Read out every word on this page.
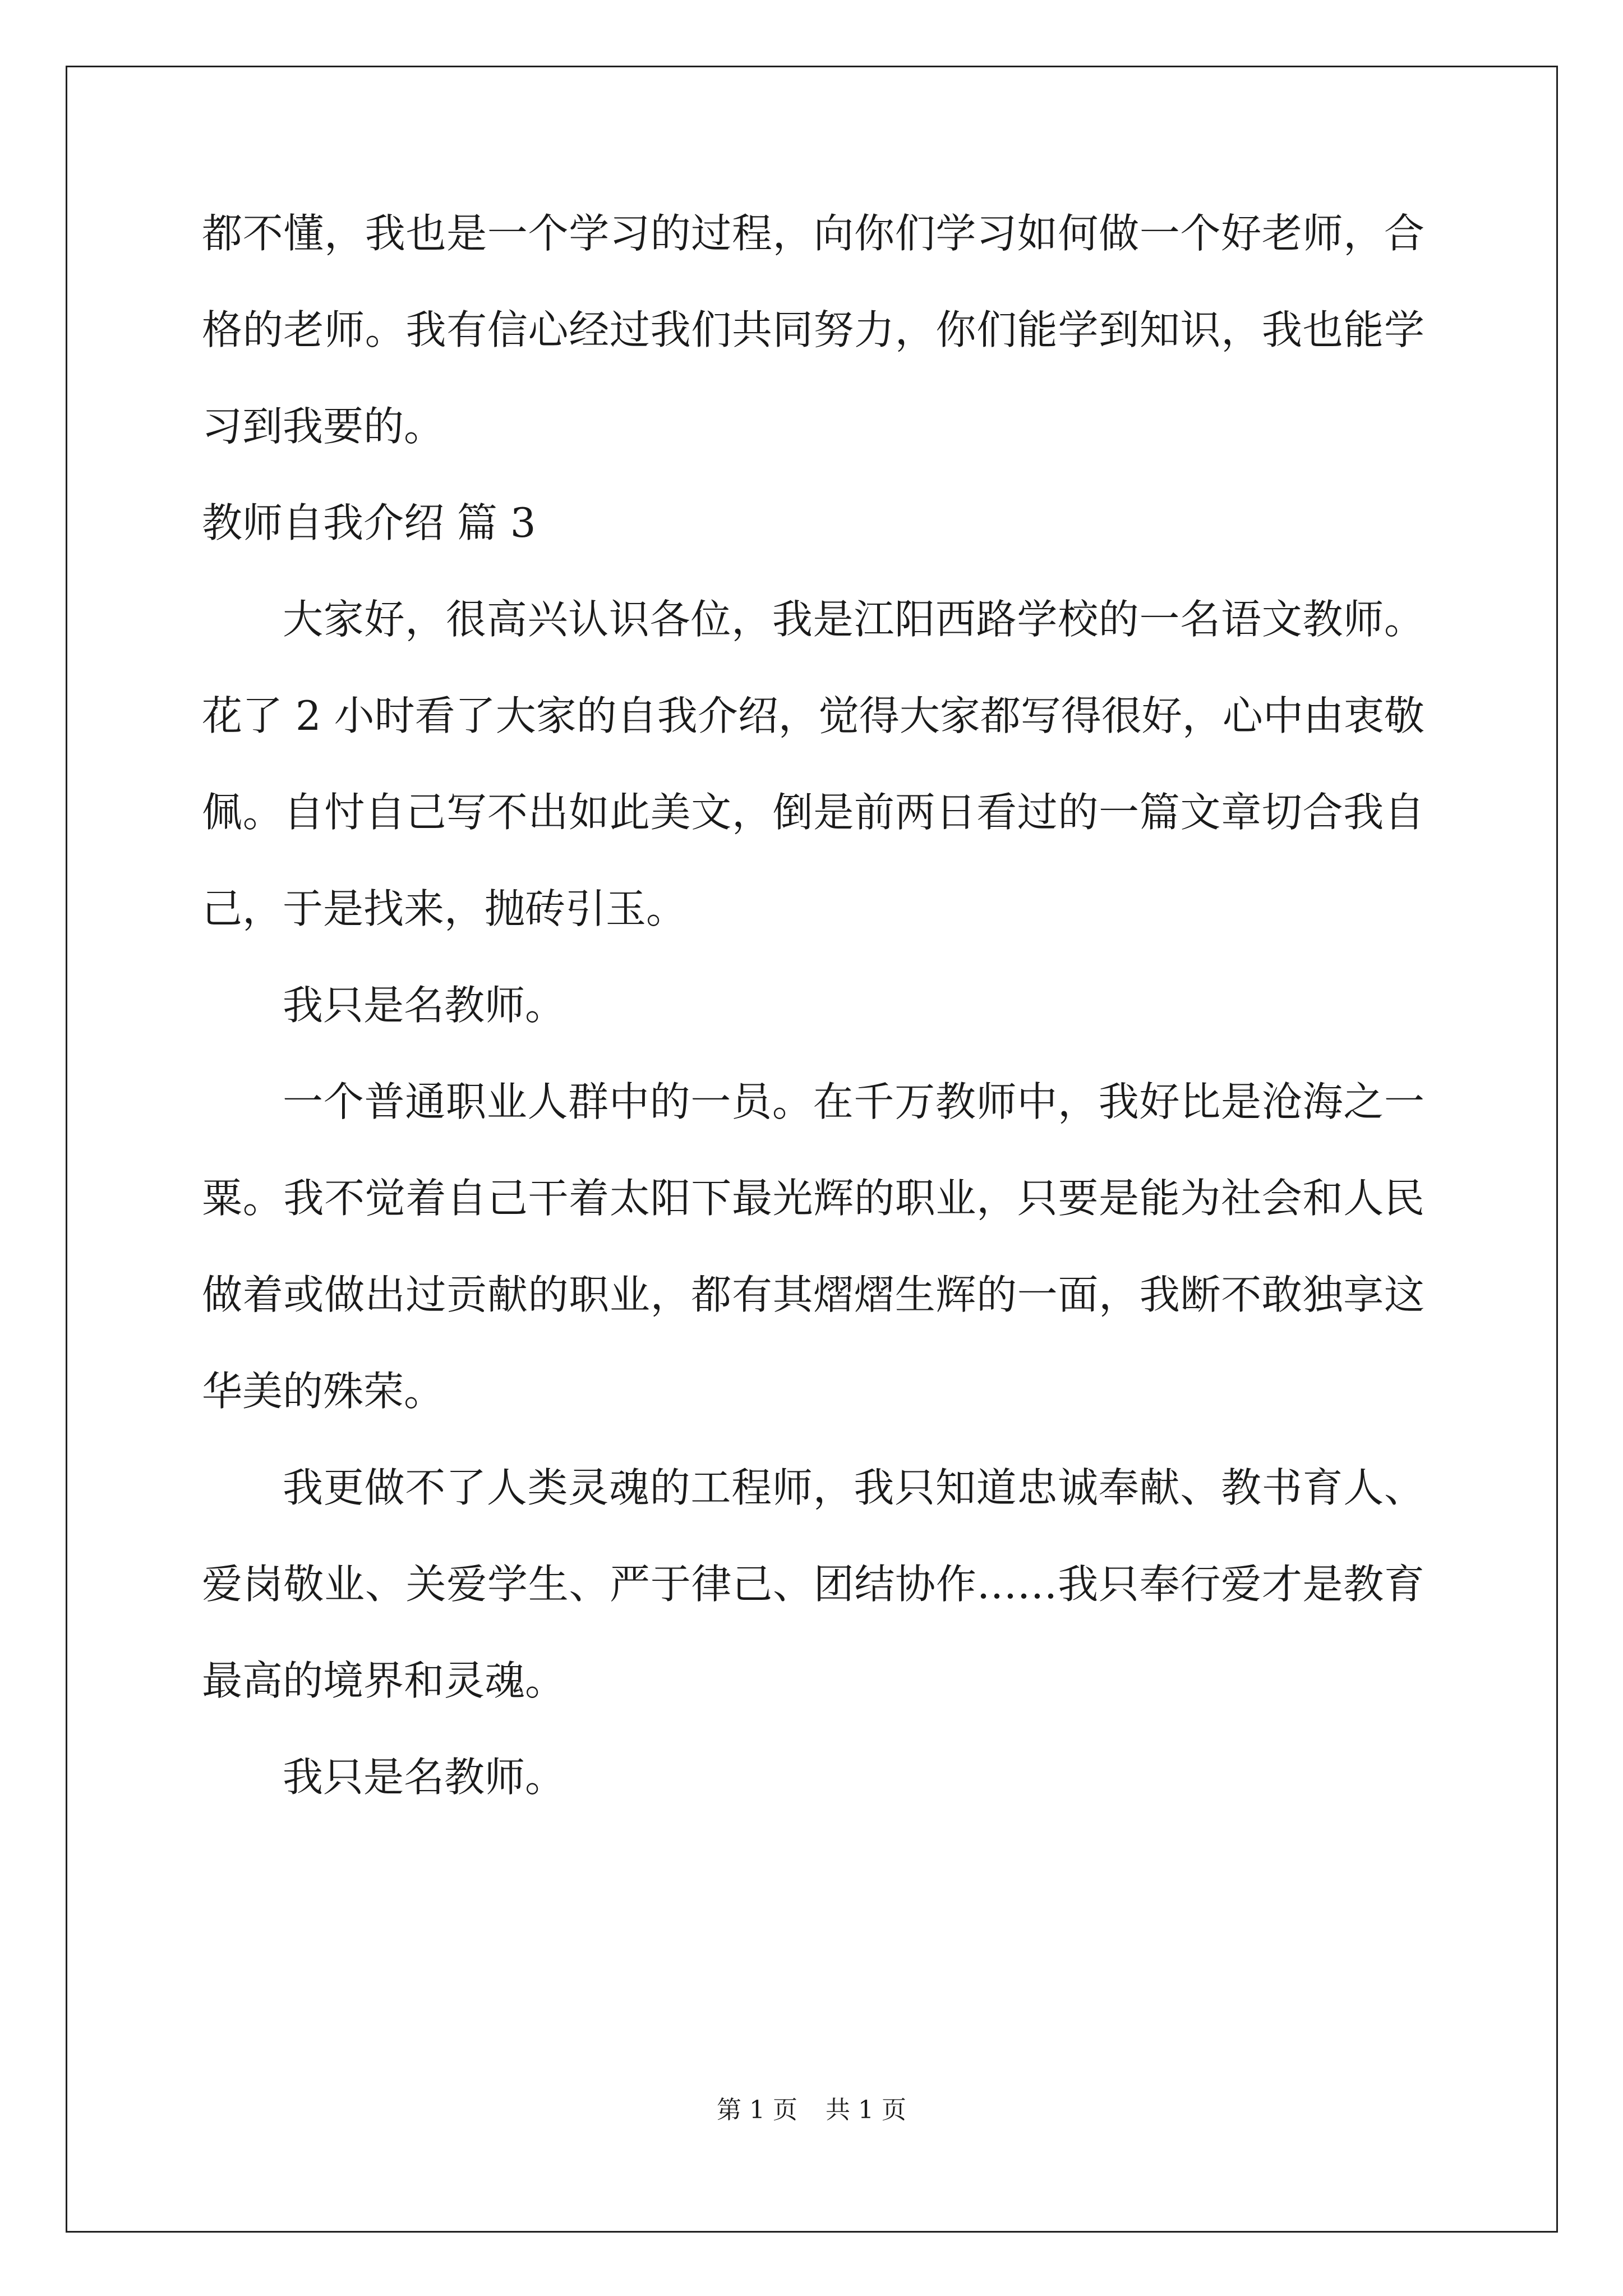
都不懂，我也是一个学习的过程，向你们学习如何做一个好老师，合
格的老师。我有信心经过我们共同努力，你们能学到知识，我也能学
习到我要的。
教师自我介绍 篇 3
大家好，很高兴认识各位，我是江阳西路学校的一名语文教师。
花了 2 小时看了大家的自我介绍，觉得大家都写得很好，心中由衷敬
佩。自忖自己写不出如此美文，倒是前两日看过的一篇文章切合我自
己，于是找来，抛砖引玉。
我只是名教师。
一个普通职业人群中的一员。在千万教师中，我好比是沧海之一
粟。我不觉着自己干着太阳下最光辉的职业，只要是能为社会和人民
做着或做出过贡献的职业，都有其熠熠生辉的一面，我断不敢独享这
华美的殊荣。
我更做不了人类灵魂的工程师，我只知道忠诚奉献、教书育人、
爱岗敬业、关爱学生、严于律己、团结协作……我只奉行爱才是教育
最高的境界和灵魂。
我只是名教师。
第 1 页 共 1 页
